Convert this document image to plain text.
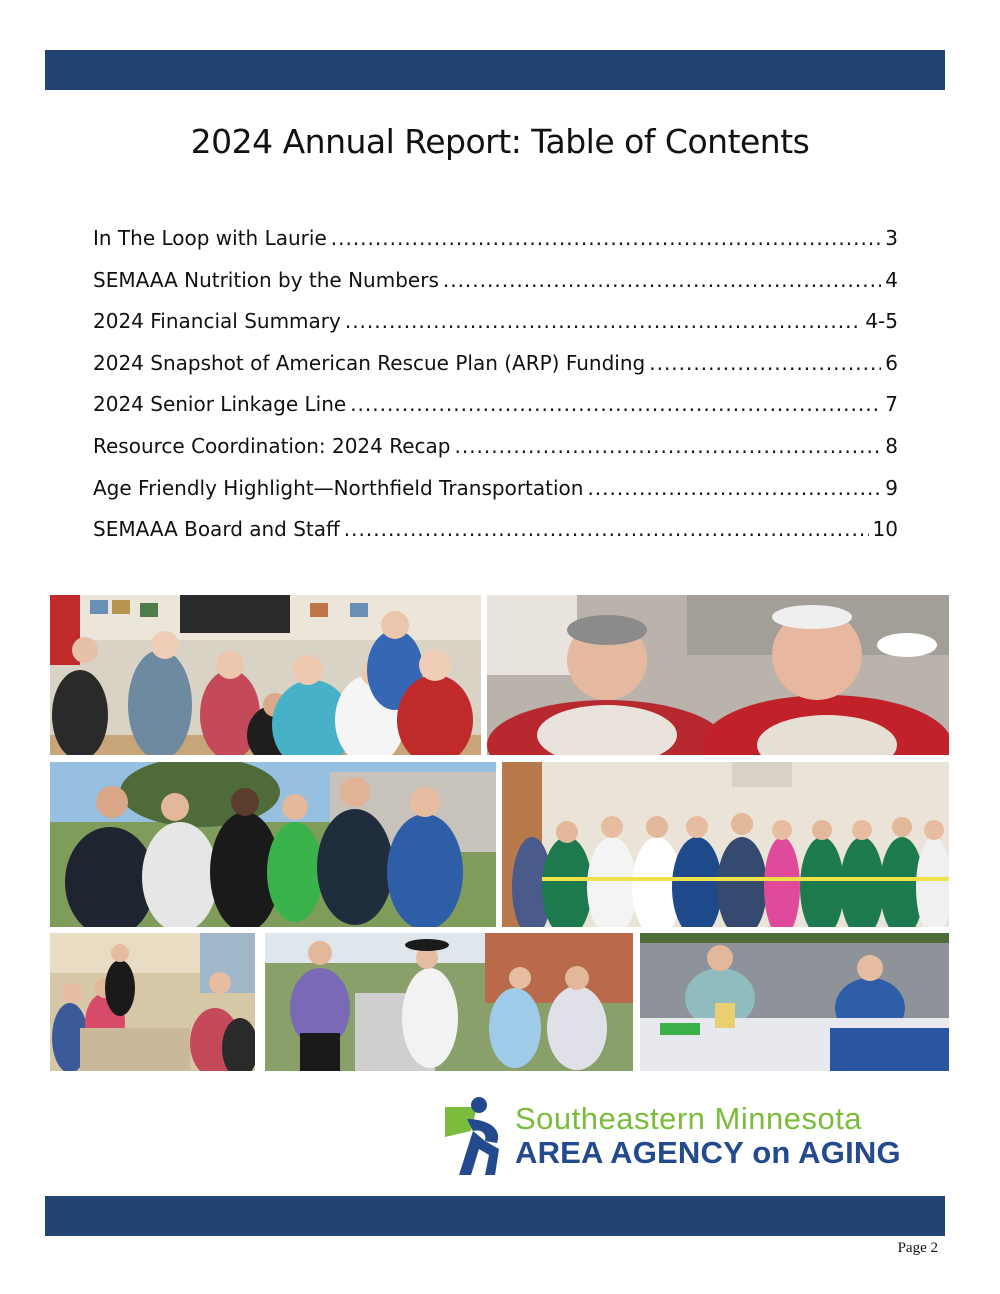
2024 Annual Report: Table of Contents
In The Loop with Laurie .....	3
SEMAAA Nutrition by the Numbers .....	4
2024 Financial Summary .....	4-5
2024 Snapshot of American Rescue Plan (ARP) Funding .....	6
2024 Senior Linkage Line .....	7
Resource Coordination: 2024 Recap .....	8
Age Friendly Highlight—Northfield Transportation .....	9
SEMAAA Board and Staff .....	10
Southeastern Minnesota
AREA AGENCY on AGING
Page 2
